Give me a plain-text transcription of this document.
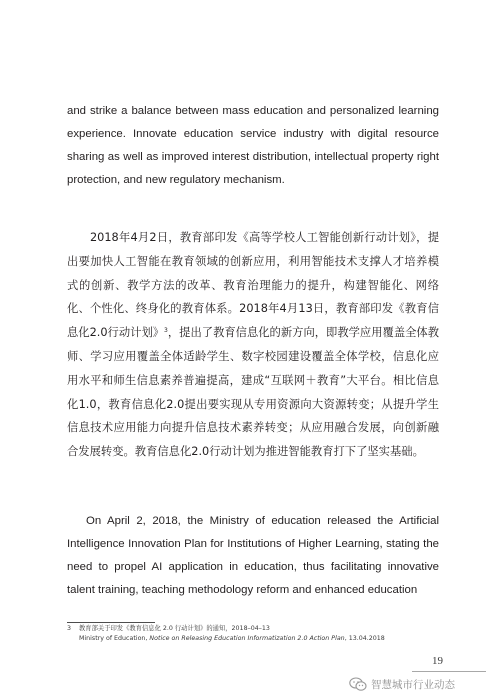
and strike a balance between mass education and personalized learning experience. Innovate education service industry with digital resource sharing as well as improved interest distribution, intellectual property right protection, and new regulatory mechanism.

2018年4月2日，教育部印发《高等学校人工智能创新行动计划》，提出要加快人工智能在教育领域的创新应用，利用智能技术支撑人才培养模式的创新、教学方法的改革、教育治理能力的提升，构建智能化、网络化、个性化、终身化的教育体系。2018年4月13日，教育部印发《教育信息化2.0行动计划》$^3$，提出了教育信息化的新方向，即教学应用覆盖全体教师、学习应用覆盖全体适龄学生、数字校园建设覆盖全体学校，信息化应用水平和师生信息素养普遍提高，建成“互联网＋教育”大平台。相比信息化1.0，教育信息化2.0提出要实现从专用资源向大资源转变；从提升学生信息技术应用能力向提升信息技术素养转变；从应用融合发展，向创新融合发展转变。教育信息化2.0行动计划为推进智能教育打下了坚实基础。

On April 2, 2018, the Ministry of education released the Artificial Intelligence Innovation Plan for Institutions of Higher Learning, stating the need to propel AI application in education, thus facilitating innovative talent training, teaching methodology reform and enhanced education

3 教育部关于印发《教育信息化 2.0 行动计划》的通知，2018–04–13
Ministry of Education, Notice on Releasing Education Informatization 2.0 Action Plan, 13.04.2018
19
智慧城市行业动态
